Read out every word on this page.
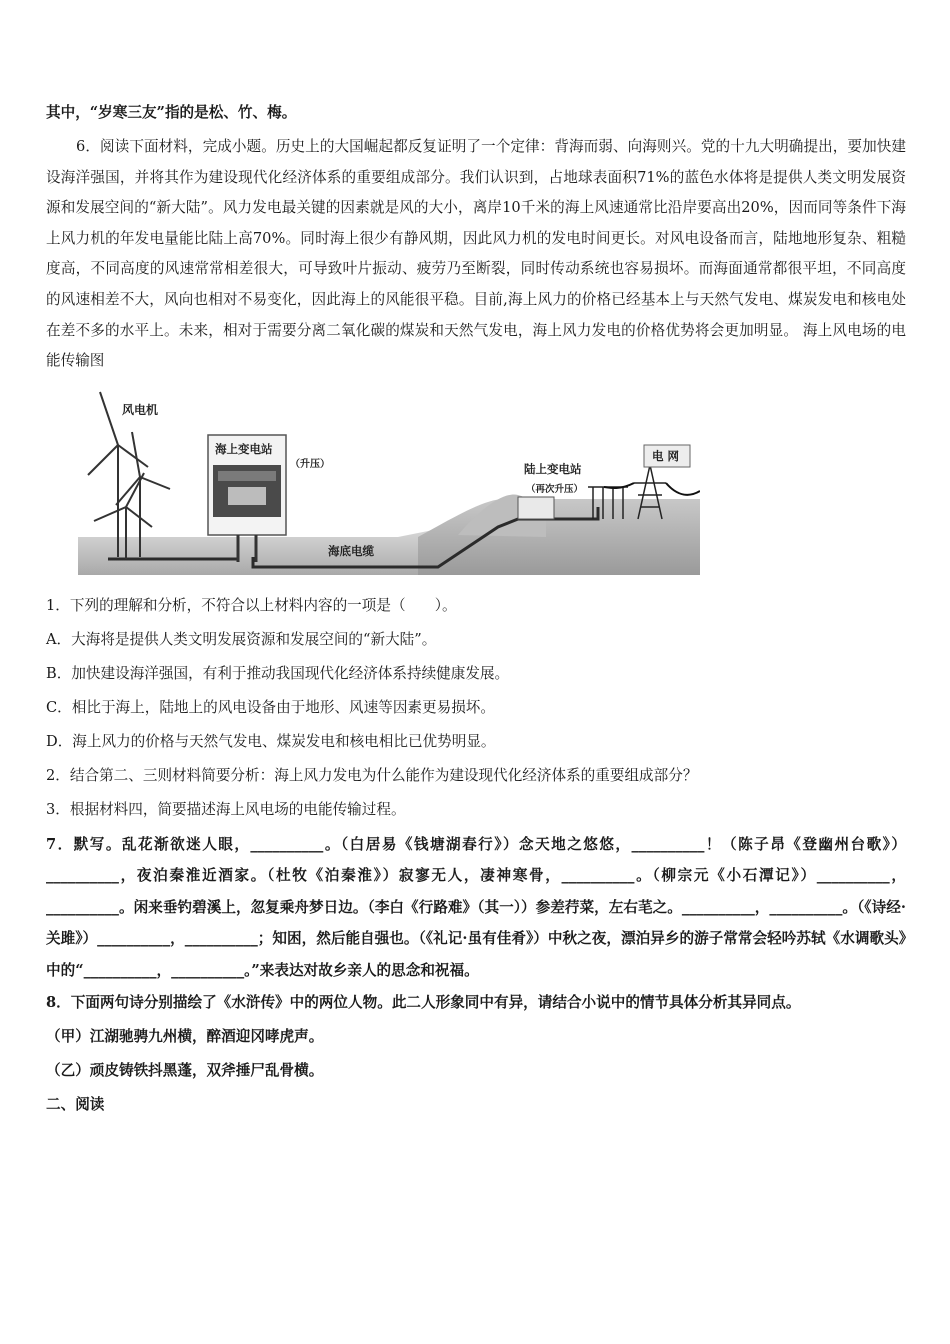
其中，“岁寒三友”指的是松、竹、梅。
6．阅读下面材料，完成小题。历史上的大国崛起都反复证明了一个定律：背海而弱、向海则兴。党的十九大明确提出，要加快建设海洋强国，并将其作为建设现代化经济体系的重要组成部分。我们认识到，占地球表面积71%的蓝色水体将是提供人类文明发展资源和发展空间的“新大陆”。风力发电最关键的因素就是风的大小，离岸10千米的海上风速通常比沿岸要高出20%，因而同等条件下海上风力机的年发电量能比陆上高70%。同时海上很少有静风期，因此风力机的发电时间更长。对风电设备而言，陆地地形复杂、粗糙度高，不同高度的风速常常相差很大，可导致叶片振动、疲劳乃至断裂，同时传动系统也容易损坏。而海面通常都很平坦，不同高度的风速相差不大，风向也相对不易变化，因此海上的风能很平稳。目前,海上风力的价格已经基本上与天然气发电、煤炭发电和核电处在差不多的水平上。未来，相对于需要分离二氧化碳的煤炭和天然气发电，海上风力发电的价格优势将会更加明显。 海上风电场的电能传输图
风电机
海上变电站
（升压）
海底电缆
陆上变电站
（再次升压）
电 网
1．下列的理解和分析，不符合以上材料内容的一项是（　　）。
A．大海将是提供人类文明发展资源和发展空间的“新大陆”。
B．加快建设海洋强国，有利于推动我国现代化经济体系持续健康发展。
C．相比于海上，陆地上的风电设备由于地形、风速等因素更易损坏。
D．海上风力的价格与天然气发电、煤炭发电和核电相比已优势明显。
2．结合第二、三则材料简要分析：海上风力发电为什么能作为建设现代化经济体系的重要组成部分？
3．根据材料四，简要描述海上风电场的电能传输过程。
7．默写。乱花渐欲迷人眼，__________。（白居易《钱塘湖春行》）念天地之悠悠，__________！（陈子昂《登幽州台歌》）__________，夜泊秦淮近酒家。（杜牧《泊秦淮》）寂寥无人，凄神寒骨，__________。（柳宗元《小石潭记》）__________，__________。闲来垂钓碧溪上，忽复乘舟梦日边。（李白《行路难》（其一））参差荇菜，左右芼之。__________，__________。（《诗经·关雎》）__________，__________；知困，然后能自强也。（《礼记·虽有佳肴》）中秋之夜，漂泊异乡的游子常常会轻吟苏轼《水调歌头》中的“__________，__________。”来表达对故乡亲人的思念和祝福。
8．下面两句诗分别描绘了《水浒传》中的两位人物。此二人形象同中有异，请结合小说中的情节具体分析其异同点。
（甲）江湖驰骋九州横，醉酒迎冈哮虎声。
（乙）顽皮铸铁抖黑蓬，双斧捶尸乱骨横。
二、阅读
